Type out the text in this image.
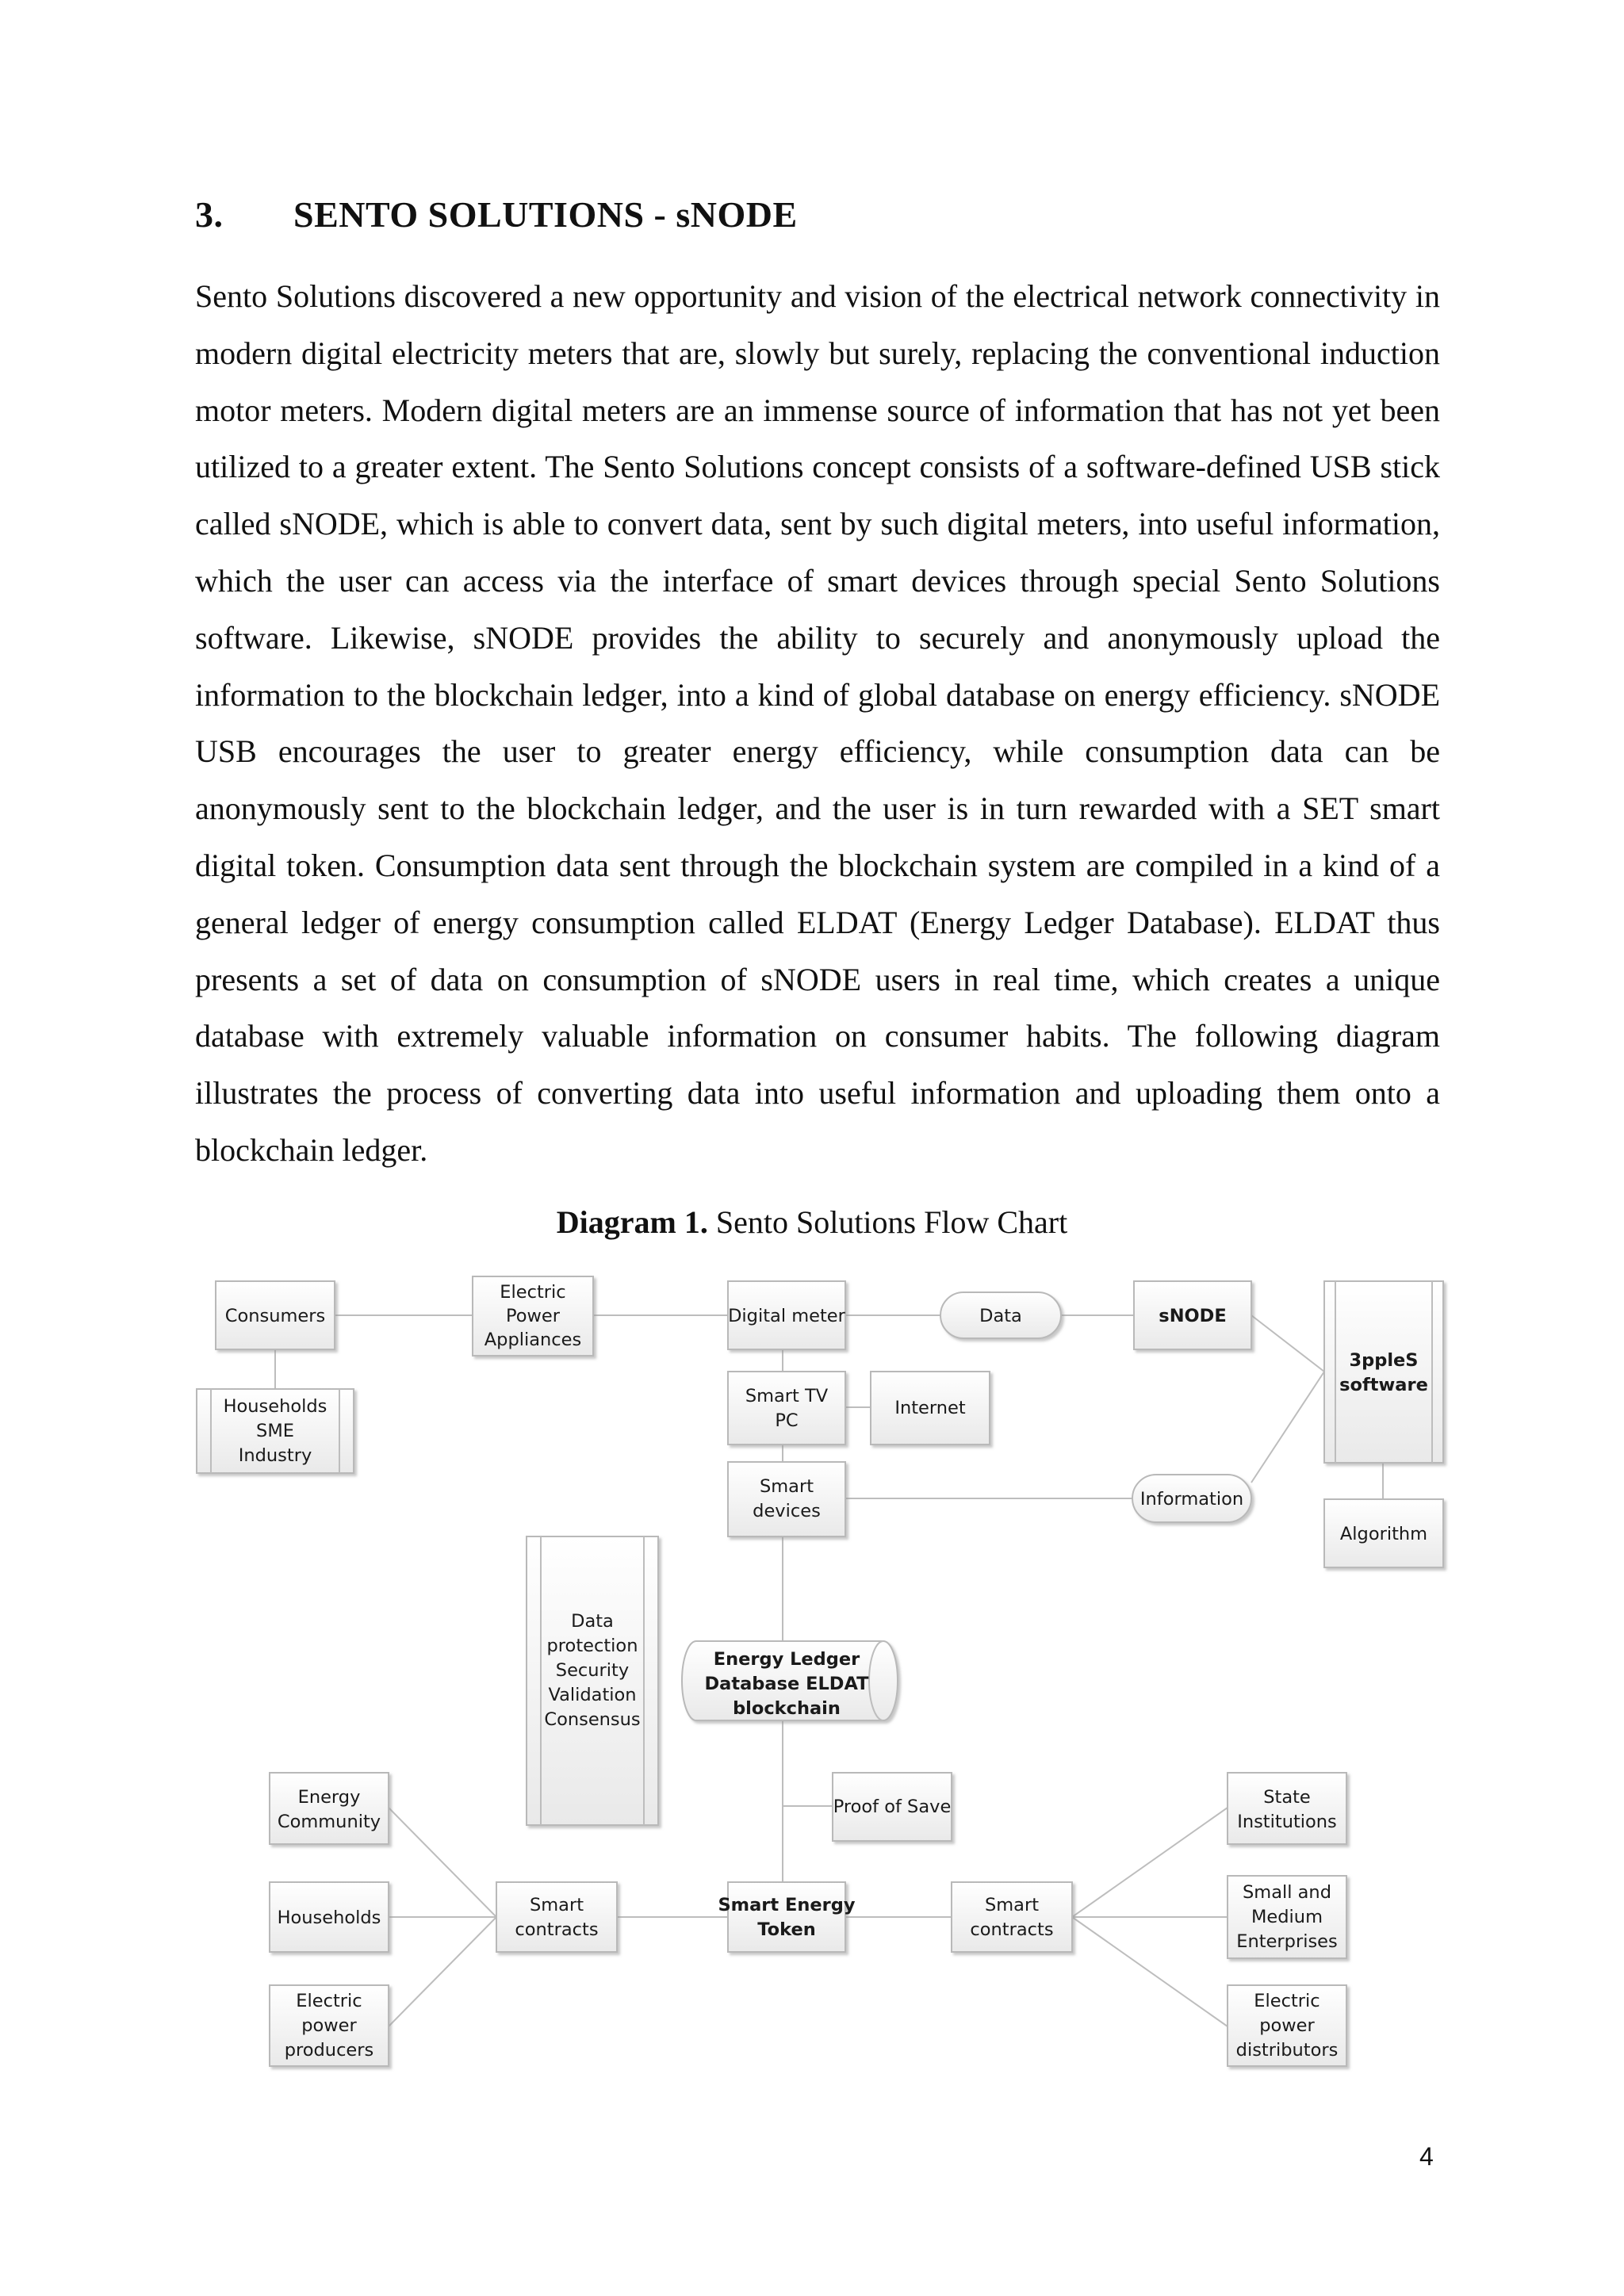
3.	SENTO SOLUTIONS - sNODE
Sento Solutions discovered a new opportunity and vision of the electrical network connectivity in modern digital electricity meters that are, slowly but surely, replacing the conventional induction motor meters. Modern digital meters are an immense source of information that has not yet been utilized to a greater extent. The Sento Solutions concept consists of a software-defined USB stick called sNODE, which is able to convert data, sent by such digital meters, into useful information, which the user can access via the interface of smart devices through special Sento Solutions software. Likewise, sNODE provides the ability to securely and anonymously upload the information to the blockchain ledger, into a kind of global database on energy efficiency. sNODE USB encourages the user to greater energy efficiency, while consumption data can be anonymously sent to the blockchain ledger, and the user is in turn rewarded with a SET smart digital token. Consumption data sent through the blockchain system are compiled in a kind of a general ledger of energy consumption called ELDAT (Energy Ledger Database). ELDAT thus presents a set of data on consumption of sNODE users in real time, which creates a unique database with extremely valuable information on consumer habits. The following diagram illustrates the process of converting data into useful information and uploading them onto a blockchain ledger.
Diagram 1. Sento Solutions Flow Chart
Consumers
Households
SME
Industry
Electric
Power
Appliances
Digital meter	Data	sNODE
3ppleS
software
Smart TV
PC
Internet
Smart
devices
Information
Algorithm
Data
protection
Security
Validation
Consensus
Energy Ledger
Database ELDAT
blockchain
Proof of Save
Energy
Community
Households
Electric
power
producers
Smart
contracts
Smart Energy
Token
Smart
contracts
State
Institutions
Small and
Medium
Enterprises
Electric
power
distributors
4
